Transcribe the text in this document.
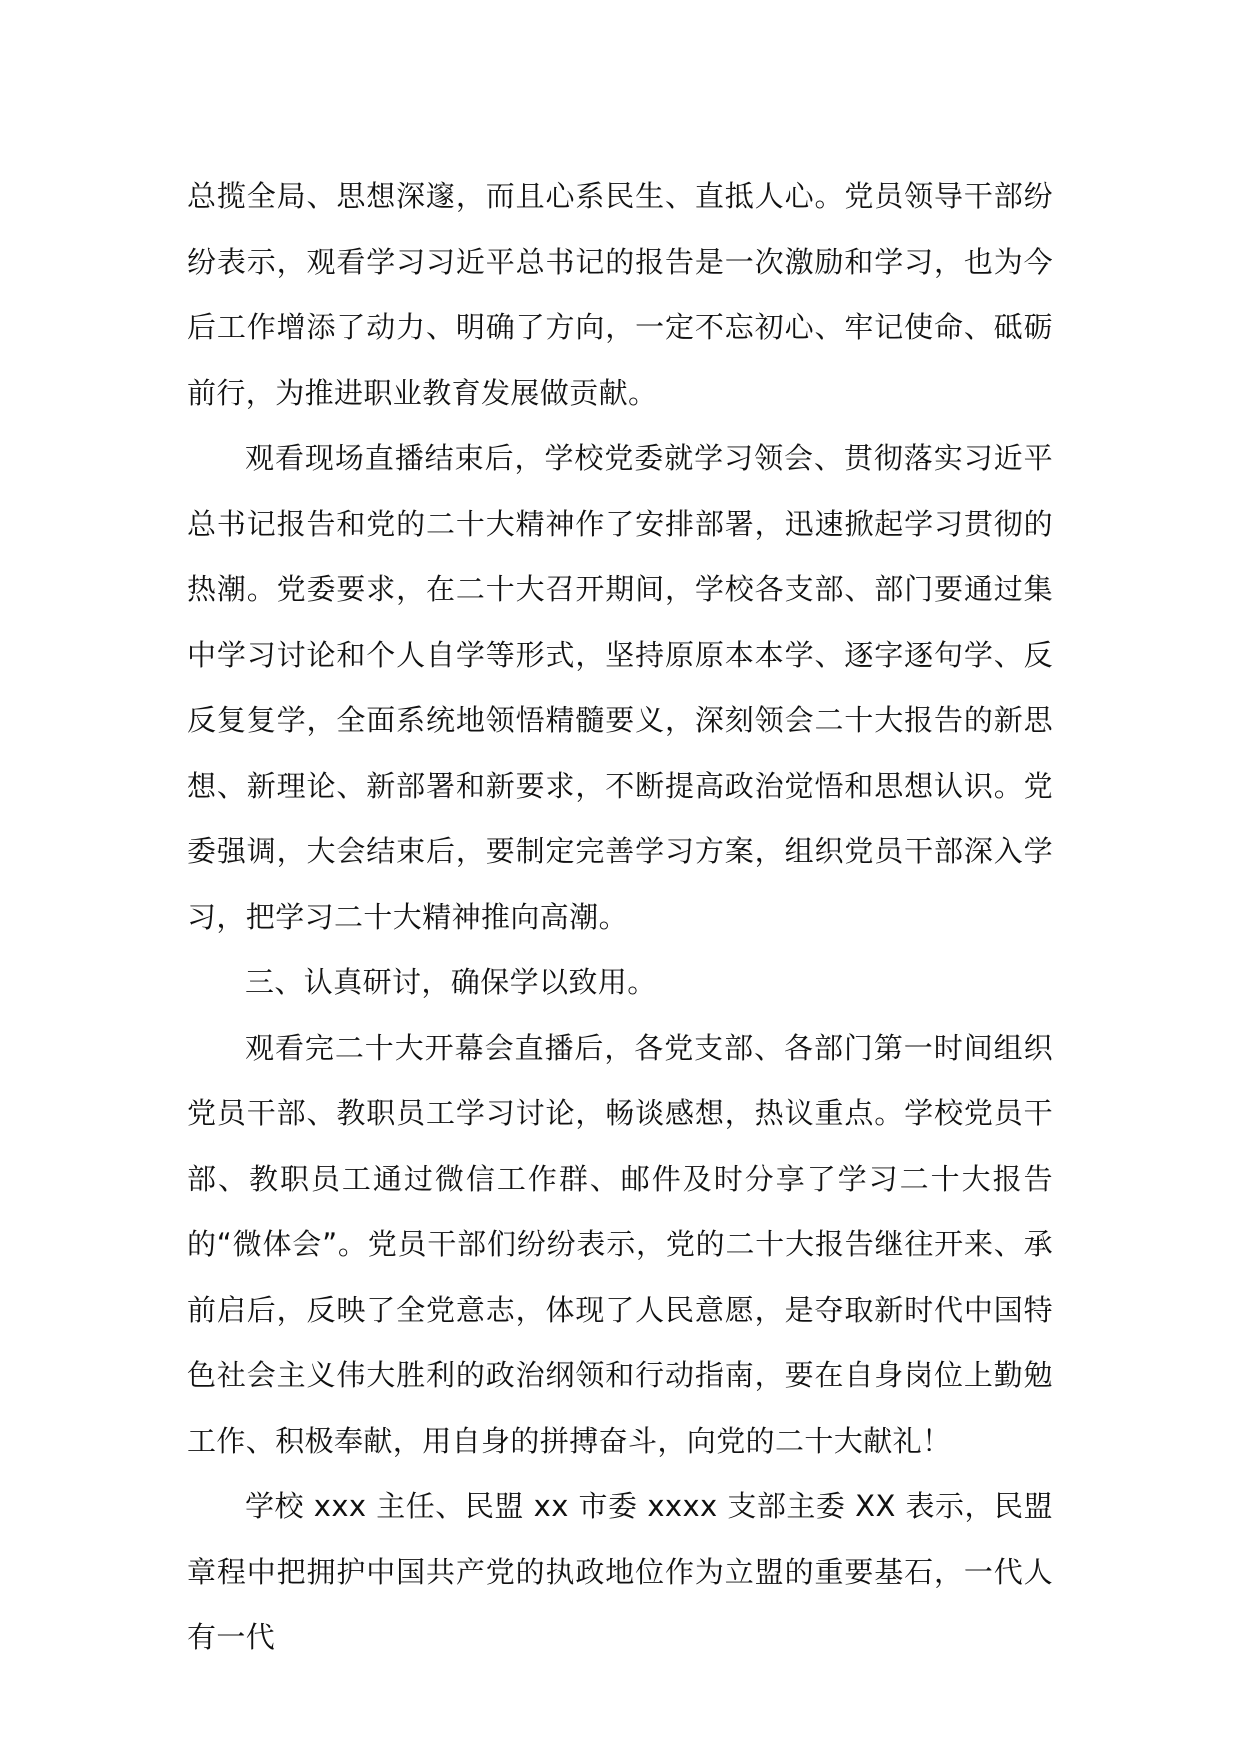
总揽全局、思想深邃，而且心系民生、直抵人心。党员领导干部纷纷表示，观看学习习近平总书记的报告是一次激励和学习，也为今后工作增添了动力、明确了方向，一定不忘初心、牢记使命、砥砺前行，为推进职业教育发展做贡献。

观看现场直播结束后，学校党委就学习领会、贯彻落实习近平总书记报告和党的二十大精神作了安排部署，迅速掀起学习贯彻的热潮。党委要求，在二十大召开期间，学校各支部、部门要通过集中学习讨论和个人自学等形式，坚持原原本本学、逐字逐句学、反反复复学，全面系统地领悟精髓要义，深刻领会二十大报告的新思想、新理论、新部署和新要求，不断提高政治觉悟和思想认识。党委强调，大会结束后，要制定完善学习方案，组织党员干部深入学习，把学习二十大精神推向高潮。

三、认真研讨，确保学以致用。

观看完二十大开幕会直播后，各党支部、各部门第一时间组织党员干部、教职员工学习讨论，畅谈感想，热议重点。学校党员干部、教职员工通过微信工作群、邮件及时分享了学习二十大报告的“微体会”。党员干部们纷纷表示，党的二十大报告继往开来、承前启后，反映了全党意志，体现了人民意愿，是夺取新时代中国特色社会主义伟大胜利的政治纲领和行动指南，要在自身岗位上勤勉工作、积极奉献，用自身的拼搏奋斗，向党的二十大献礼！

学校 xxx 主任、民盟 xx 市委 xxxx 支部主委 XX 表示，民盟章程中把拥护中国共产党的执政地位作为立盟的重要基石，一代人有一代
